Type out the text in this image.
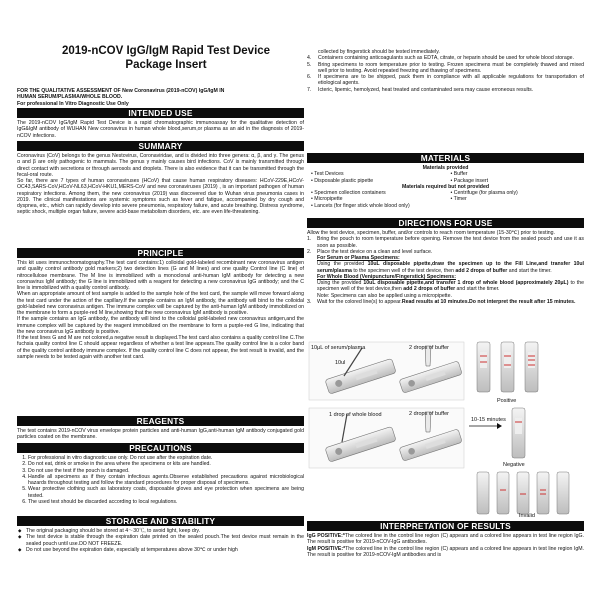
2019-nCOV IgG/IgM Rapid Test Device
Package Insert
FOR THE QUALITATIVE ASSESSMENT OF New Coronavirus (2019-nCOV) IgG/IgM IN
HUMAN SERUM/PLASMA/WHOLE BLOOD.
For professional In Vitro Diagnostic Use Only
INTENDED USE
The 2019-nCOV IgG/IgM Rapid Test Device is a rapid chromatographic immunoassay for the qualitative detection of IgG&IgM antibody of WUHAN New coronavirus in human whole blood,serum,or plasma as an aid in the diagnosis of 2019-nCOV infections.
SUMMARY

Coronavirus (CoV) belongs to the genus Nestovirus, Coronaviridae, and is divided into three genera: α, β, and γ. The genus α and β are only pathogenic to mammals. The genus γ mainly causes bird infections. CoV is mainly transmitted through direct contact with secretions or through aerosols and droplets. There is also evidence that it can be transmitted through the fecal-oral route.

So far, there are 7 types of human coronaviruses (HCoV) that cause human respiratory diseases: HCoV-229E,HCoV-OC43,SARS-CoV,HCoV-NL63,HCoV-HKU1,MERS-CoV and new coronaviruses (2019) , is an important pathogen of human respiratory infections. Among them, the new coronavirus (2019) was discovered due to Wuhan virus pneumonia cases in 2019. The clinical manifestations are systemic symptoms such as fever and fatigue, accompanied by dry cough and dyspnea, etc., which can rapidly develop into severe pneumonia, respiratory failure, and acute breathing. Distress syndrome, septic shock, multiple organ failure, severe acid-base metabolism disorders, etc. are even life-threatening.

PRINCIPLE

This kit uses immunochromatography.The test card contains:1) colloidal gold-labeled recombinant new coronavirus antigen and quality control antibody gold markers;2) two detection lines (G and M lines) and one quality Control line (C line) of nitrocellulose membrane. The M line is immobilized with a monoclonal anti-human IgM antibody for detecting a new coronavirus IgM antibody; the G line is immobilized with a reagent for detecting a new coronavirus IgG antibody; and the C line is immobilized with a quality control antibody.

When an appropriate amount of test sample is added to the sample hole of the test card, the sample will move forward along the test card under the action of the capillary.If the sample contains an IgM antibody, the antibody will bind to the colloidal gold-labeled new coronavirus antigen. The immune complex will be captured by the anti-human IgM antibody immobilized on the membrane to form a purple-red M line,showing that the new coronavirus IgM antibody is positive.

If the sample contains an IgG antibody, the antibody will bind to the colloidal gold-labeled new coronavirus antigen,and the immune complex will be captured by the reagent immobilized on the membrane to form a purple-red G line, indicating that the new coronavirus IgG antibody is positive.

If the test lines G and M are not colored,a negative result is displayed.The test card also contains a quality control line C.The fuchsia quality control line C should appear regardless of whether a test line appears.The quality control line is a color band of the quality control antibody immune complex. If the quality control line C does not appear, the test result is invalid, and the sample needs to be tested again with another test card.

REAGENTS
The test contains 2019-nCOV virus envelope protein particles and anti-human IgG,anti-human IgM antibody conjugated gold particles coated on the membrane.
PRECAUTIONS
1. For professional in vitro diagnostic use only. Do not use after the expiration date.
2. Do not eat, drink or smoke in the area where the specimens or kits are handled.
3. Do not use the test if the pouch is damaged.
4. Handle all specimens as if they contain infectious agents.Observe established precautions against microbiological hazards throughout testing and follow the standard procedures for proper disposal of specimens.
5. Wear protective clothing such as laboratory coats, disposable gloves and eye protection when specimens are being tested.
6. The used test should be discarded according to local regulations.
STORAGE AND STABILITY
◆ The original packaging should be stored at 4～30℃, to avoid light, keep dry.
◆ The test device is stable through the expiration date printed on the sealed pouch.The test device must remain in the sealed pouch until use.DO NOT FREEZE.
◆ Do not use beyond the expiration date, especially at temperatures above 30℃ or under high
collected by fingerstick should be tested immediately.
4.	Containers containing anticoagulants such as EDTA, citrate, or heparin should be used for whole blood storage.
5.	Bring specimens to room temperature prior to testing. Frozen specimens must be completely thawed and mixed well prior to testing. Avoid repeated freezing and thawing of specimens.
6.	If specimens are to be shipped, pack them in compliance with all applicable regulations for transportation of etiological agents.
7.	Icteric, lipemic, hemolyzed, heat treated and contaminated sera may cause erroneous results.
MATERIALS
Materials provided
• Test Devices	• Buffer
• Disposable plastic pipette	• Package insert
Materials required but not provided
• Specimen collection containers	• Centrifuge (for plasma only)
• Micropipette	• Timer
• Lancets (for finger stick whole blood only)
DIRECTIONS FOR USE

Allow the test device, specimen, buffer, and/or controls to reach room temperature (15-30℃) prior to testing.

1.	Bring the pouch to room temperature before opening. Remove the test device from the sealed pouch and use it as soon as possible.
2.	Place the test device on a clean and level surface.
For Serum or Plasma Specimens:
Using the provided 10uL disposable pipette,draw the specimen up to the Fill Line,and transfer 10ul serum/plasma to the specimen well of the test device, then add 2 drops of buffer and start the timer.
For Whole Blood (Venipuncture/Fingerstick) Specimens:
Using the provided 10uL disposable pipette,and transfer 1 drop of whole blood (approximately 20μL) to the specimen well of the test device,then add 2 drops of buffer and start the timer.
Note: Specimens can also be applied using a micropipette.
3.	Wait for the colored line(s) to appear.Read results at 10 minutes.Do not interpret the result after 15 minutes.
10μL of serum/plasma
10ul
2 drops of buffer
Positive
1 drop of whole blood	2 drops of buffer
10-15 minutes
Negative
Invalid
INTERPRETATION OF RESULTS

IgG POSITIVE:*The colored line in the control line region (C) appears and a colored line appears in test line region IgG. The result is positive for 2019-nCOV-IgG antibodies.

IgM POSITIVE:*The colored line in the control line region (C) appears and a colored line appears in test line region IgM. The result is positive for 2019-nCOV-IgM antibodies and is
